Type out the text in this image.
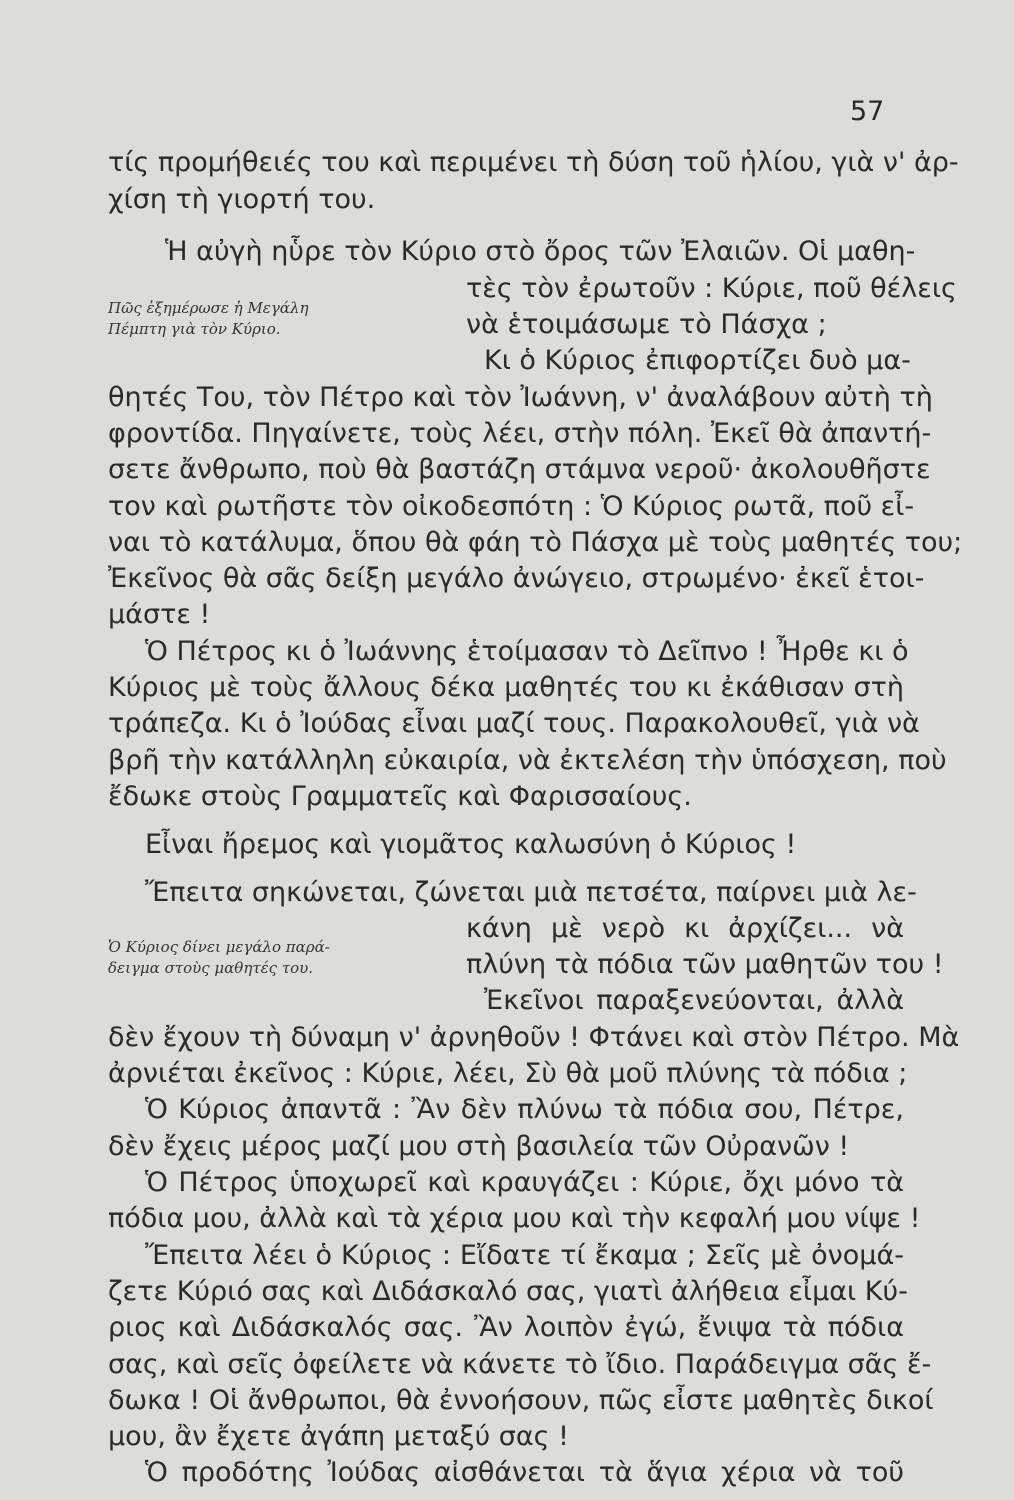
57
τίς προμήθειές του καὶ περιμένει τὴ δύση τοῦ ἡλίου, γιὰ ν' ἀρ-
χίση τὴ γιορτή του.
Ἡ αὐγὴ ηὗρε τὸν Κύριο στὸ ὄρος τῶν Ἐλαιῶν. Οἱ μαθη-
τὲς τὸν ἐρωτοῦν : Κύριε, ποῦ θέλεις
νὰ ἑτοιμάσωμε τὸ Πάσχα ;
Κι ὁ Κύριος ἐπιφορτίζει δυὸ μα-
Πῶς ἐξημέρωσε ἡ Μεγάλη
Πέμπτη γιὰ τὸν Κύριο.
θητές Του, τὸν Πέτρο καὶ τὸν Ἰωάννη, ν' ἀναλάβουν αὐτὴ τὴ
φροντίδα. Πηγαίνετε, τοὺς λέει, στὴν πόλη. Ἐκεῖ θὰ ἀπαντή-
σετε ἄνθρωπο, ποὺ θὰ βαστάζη στάμνα νεροῦ· ἀκολουθῆστε
τον καὶ ρωτῆστε τὸν οἰκοδεσπότη : Ὁ Κύριος ρωτᾶ, ποῦ εἶ-
ναι τὸ κατάλυμα, ὅπου θὰ φάη τὸ Πάσχα μὲ τοὺς μαθητές του;
Ἐκεῖνος θὰ σᾶς δείξη μεγάλο ἀνώγειο, στρωμένο· ἐκεῖ ἑτοι-
μάστε !
Ὁ Πέτρος κι ὁ Ἰωάννης ἑτοίμασαν τὸ Δεῖπνο ! Ἦρθε κι ὁ
Κύριος μὲ τοὺς ἄλλους δέκα μαθητές του κι ἐκάθισαν στὴ
τράπεζα. Κι ὁ Ἰούδας εἶναι μαζί τους. Παρακολουθεῖ, γιὰ νὰ
βρῆ τὴν κατάλληλη εὐκαιρία, νὰ ἐκτελέση τὴν ὑπόσχεση, ποὺ
ἔδωκε στοὺς Γραμματεῖς καὶ Φαρισσαίους.
Εἶναι ἤρεμος καὶ γιομᾶτος καλωσύνη ὁ Κύριος !
Ἔπειτα σηκώνεται, ζώνεται μιὰ πετσέτα, παίρνει μιὰ λε-
κάνη μὲ νερὸ κι ἀρχίζει... νὰ
πλύνη τὰ πόδια τῶν μαθητῶν του !
Ἐκεῖνοι παραξενεύονται, ἀλλὰ
Ὁ Κύριος δίνει μεγάλο παρά-
δειγμα στοὺς μαθητές του.
δὲν ἔχουν τὴ δύναμη ν' ἀρνηθοῦν ! Φτάνει καὶ στὸν Πέτρο. Μὰ
ἀρνιέται ἐκεῖνος : Κύριε, λέει, Σὺ θὰ μοῦ πλύνης τὰ πόδια ;
Ὁ Κύριος ἀπαντᾶ : Ἂν δὲν πλύνω τὰ πόδια σου, Πέτρε,
δὲν ἔχεις μέρος μαζί μου στὴ βασιλεία τῶν Οὐρανῶν !
Ὁ Πέτρος ὑποχωρεῖ καὶ κραυγάζει : Κύριε, ὄχι μόνο τὰ
πόδια μου, ἀλλὰ καὶ τὰ χέρια μου καὶ τὴν κεφαλή μου νίψε !
Ἔπειτα λέει ὁ Κύριος : Εἴδατε τί ἔκαμα ; Σεῖς μὲ ὀνομά-
ζετε Κύριό σας καὶ Διδάσκαλό σας, γιατὶ ἀλήθεια εἶμαι Κύ-
ριος καὶ Διδάσκαλός σας. Ἂν λοιπὸν ἐγώ, ἔνιψα τὰ πόδια
σας, καὶ σεῖς ὀφείλετε νὰ κάνετε τὸ ἴδιο. Παράδειγμα σᾶς ἔ-
δωκα ! Οἱ ἄνθρωποι, θὰ ἐννοήσουν, πῶς εἶστε μαθητὲς δικοί
μου, ἂν ἔχετε ἀγάπη μεταξύ σας !
Ὁ προδότης Ἰούδας αἰσθάνεται τὰ ἅγια χέρια νὰ τοῦ
